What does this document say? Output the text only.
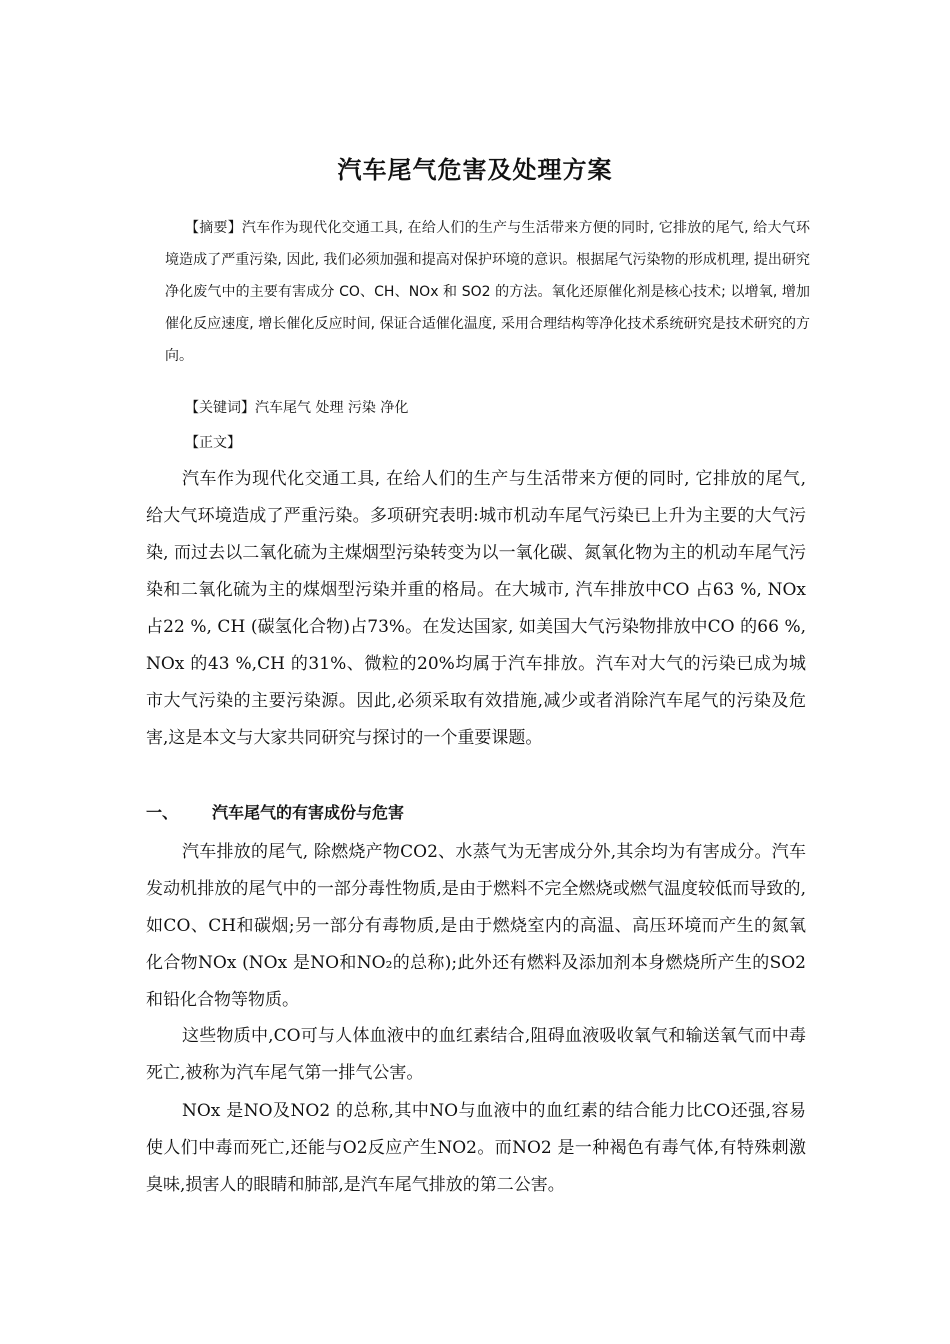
汽车尾气危害及处理方案
【摘要】汽车作为现代化交通工具, 在给人们的生产与生活带来方便的同时, 它排放的尾气, 给大气环境造成了严重污染, 因此, 我们必须加强和提高对保护环境的意识。根据尾气污染物的形成机理, 提出研究净化废气中的主要有害成分 CO、CH、NOx 和 SO2 的方法。氧化还原催化剂是核心技术; 以增氧, 增加催化反应速度, 增长催化反应时间, 保证合适催化温度, 采用合理结构等净化技术系统研究是技术研究的方向。
【关键词】汽车尾气 处理 污染 净化
【正文】
汽车作为现代化交通工具, 在给人们的生产与生活带来方便的同时, 它排放的尾气, 给大气环境造成了严重污染。多项研究表明:城市机动车尾气污染已上升为主要的大气污染, 而过去以二氧化硫为主煤烟型污染转变为以一氧化碳、氮氧化物为主的机动车尾气污染和二氧化硫为主的煤烟型污染并重的格局。在大城市, 汽车排放中CO 占63 %, NOx 占22 %, CH (碳氢化合物)占73%。在发达国家, 如美国大气污染物排放中CO 的66 %, NOx 的43 %,CH 的31%、微粒的20%均属于汽车排放。汽车对大气的污染已成为城市大气污染的主要污染源。因此,必须采取有效措施,减少或者消除汽车尾气的污染及危害,这是本文与大家共同研究与探讨的一个重要课题。
一、 汽车尾气的有害成份与危害
汽车排放的尾气, 除燃烧产物CO2、水蒸气为无害成分外,其余均为有害成分。汽车发动机排放的尾气中的一部分毒性物质,是由于燃料不完全燃烧或燃气温度较低而导致的,如CO、CH和碳烟;另一部分有毒物质,是由于燃烧室内的高温、高压环境而产生的氮氧化合物NOx (NOx 是NO和NO₂的总称);此外还有燃料及添加剂本身燃烧所产生的SO2和铅化合物等物质。
这些物质中,CO可与人体血液中的血红素结合,阻碍血液吸收氧气和输送氧气而中毒死亡,被称为汽车尾气第一排气公害。
NOx 是NO及NO2 的总称,其中NO与血液中的血红素的结合能力比CO还强,容易使人们中毒而死亡,还能与O2反应产生NO2。而NO2 是一种褐色有毒气体,有特殊刺激臭味,损害人的眼睛和肺部,是汽车尾气排放的第二公害。
